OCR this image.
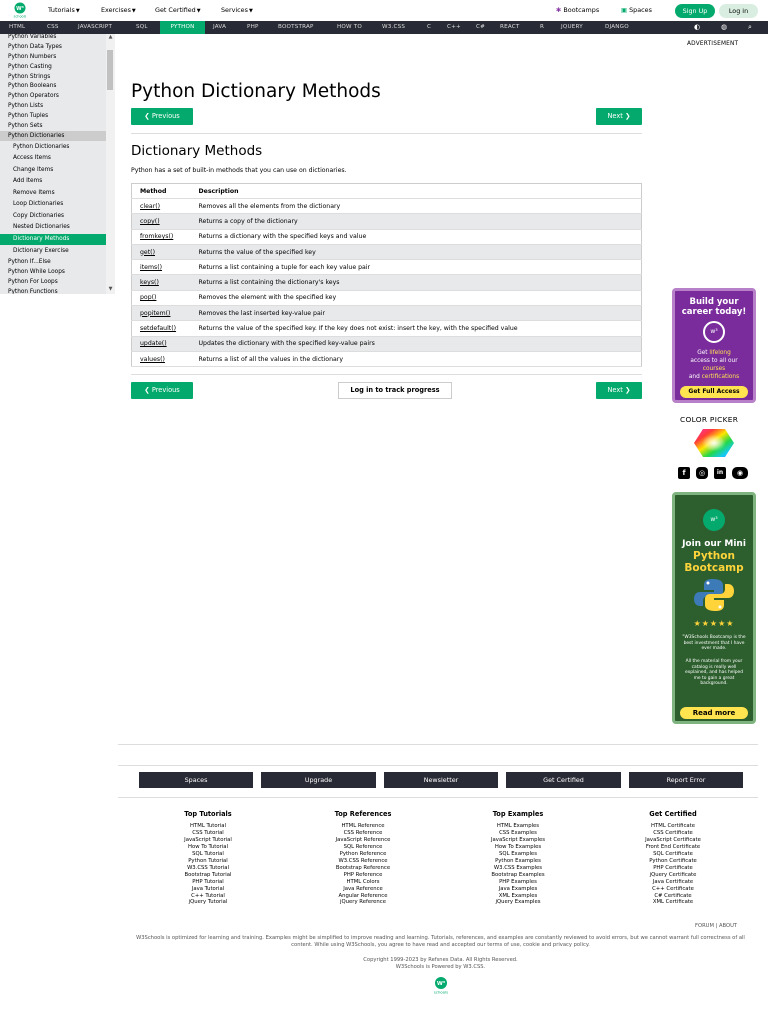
W³
schools
Tutorials▼	Exercises▼	Get Certified▼	Services▼	✱ Bootcamps	▣ Spaces	Sign Up	Log in
HTML	CSS	JAVASCRIPT	SQL	PYTHON	JAVA	PHP	BOOTSTRAP	HOW TO	W3.CSS	C	C++	C#	REACT	R	JQUERY	DJANGO	◐	◍	⌕
Python Variables
Python Data Types
Python Numbers
Python Casting
Python Strings
Python Booleans
Python Operators
Python Lists
Python Tuples
Python Sets
Python Dictionaries
Python Dictionaries
Access Items
Change Items
Add Items
Remove Items
Loop Dictionaries
Copy Dictionaries
Nested Dictionaries
Dictionary Methods
Dictionary Exercise
Python If...Else
Python While Loops
Python For Loops
Python Functions
▲
▼
Python Dictionary Methods
❮ Previous	Next ❯
Dictionary Methods
Python has a set of built-in methods that you can use on dictionaries.
Method	Description
clear()	Removes all the elements from the dictionary
copy()	Returns a copy of the dictionary
fromkeys()	Returns a dictionary with the specified keys and value
get()	Returns the value of the specified key
items()	Returns a list containing a tuple for each key value pair
keys()	Returns a list containing the dictionary's keys
pop()	Removes the element with the specified key
popitem()	Removes the last inserted key-value pair
setdefault()	Returns the value of the specified key. If the key does not exist: insert the key, with the specified value
update()	Updates the dictionary with the specified key-value pairs
values()	Returns a list of all the values in the dictionary
❮ Previous	Log in to track progress	Next ❯
ADVERTISEMENT
Build your career today!
w³
Get lifelong
access to all our
courses
and certifications
Get Full Access
COLOR PICKER
f	◎	in	◉
w³
Join our Mini
Python
Bootcamp
★★★★★
"W3Schools Bootcamp is the best investment that I have ever made.
All the material from your catalog is really well explained, and has helped me to gain a great background.
Read more
Spaces	Upgrade	Newsletter	Get Certified	Report Error
Top Tutorials
HTML Tutorial
CSS Tutorial
JavaScript Tutorial
How To Tutorial
SQL Tutorial
Python Tutorial
W3.CSS Tutorial
Bootstrap Tutorial
PHP Tutorial
Java Tutorial
C++ Tutorial
jQuery Tutorial
Top References
HTML Reference
CSS Reference
JavaScript Reference
SQL Reference
Python Reference
W3.CSS Reference
Bootstrap Reference
PHP Reference
HTML Colors
Java Reference
Angular Reference
jQuery Reference
Top Examples
HTML Examples
CSS Examples
JavaScript Examples
How To Examples
SQL Examples
Python Examples
W3.CSS Examples
Bootstrap Examples
PHP Examples
Java Examples
XML Examples
jQuery Examples
Get Certified
HTML Certificate
CSS Certificate
JavaScript Certificate
Front End Certificate
SQL Certificate
Python Certificate
PHP Certificate
jQuery Certificate
Java Certificate
C++ Certificate
C# Certificate
XML Certificate
FORUM | ABOUT
W3Schools is optimized for learning and training. Examples might be simplified to improve reading and learning. Tutorials, references, and examples are constantly reviewed to avoid errors, but we cannot warrant full correctness of all content. While using W3Schools, you agree to have read and accepted our terms of use, cookie and privacy policy.
Copyright 1999-2023 by Refsnes Data. All Rights Reserved.
W3Schools is Powered by W3.CSS.
W³
schools
